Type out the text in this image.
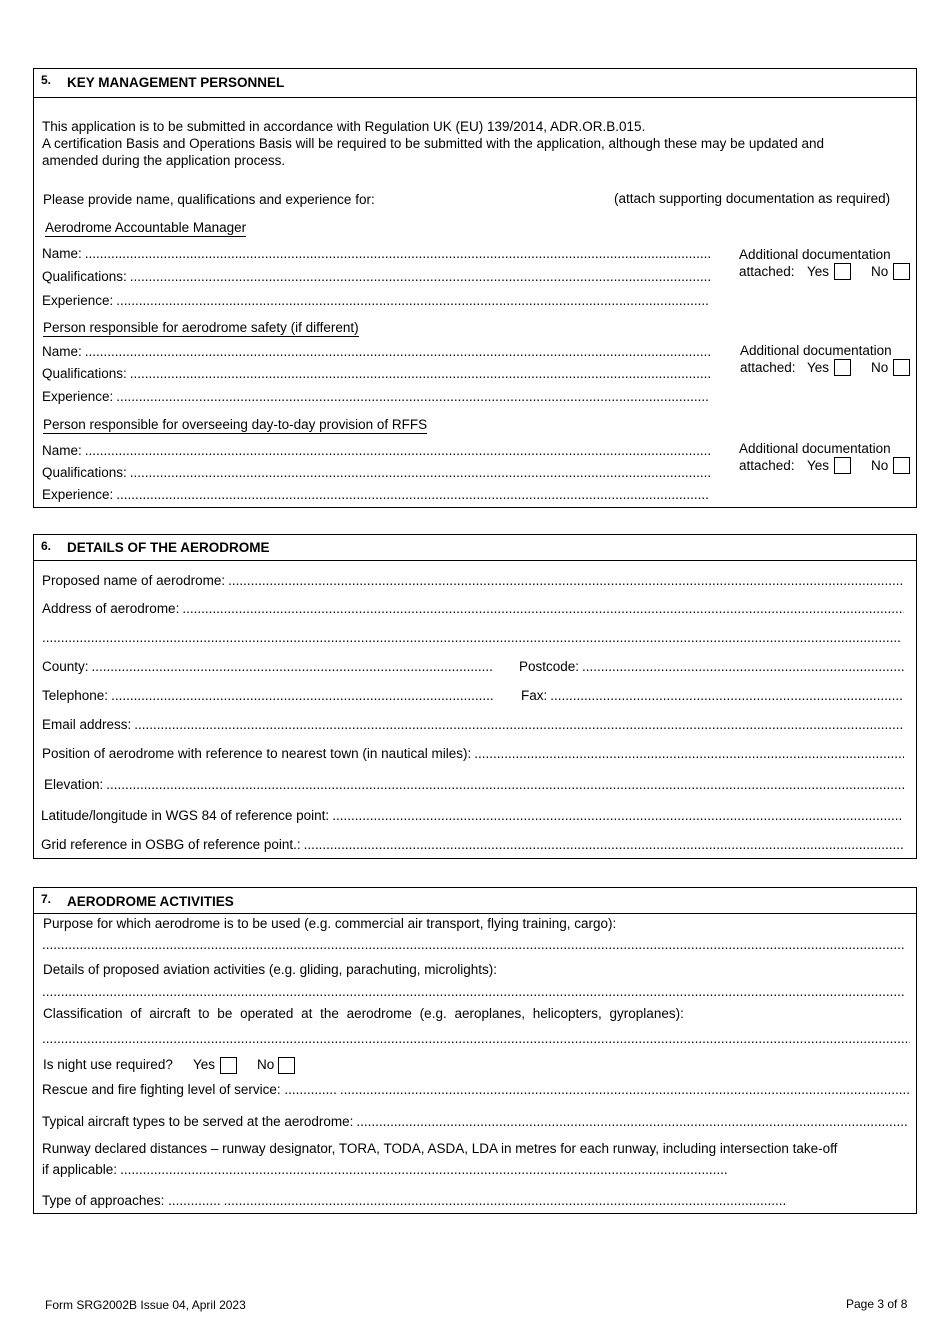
5. KEY MANAGEMENT PERSONNEL
This application is to be submitted in accordance with Regulation UK (EU) 139/2014, ADR.OR.B.015.
A certification Basis and Operations Basis will be required to be submitted with the application, although these may be updated and
amended during the application process.
Please provide name, qualifications and experience for:	(attach supporting documentation as required)
Aerodrome Accountable Manager
Name: .....
Qualifications: .....
Experience: .....
Additional documentation
attached: Yes	No
Person responsible for aerodrome safety (if different)
Name: .....
Qualifications: .....
Experience: .....
Additional documentation
attached: Yes	No
Person responsible for overseeing day-to-day provision of RFFS
Name: .....
Qualifications: .....
Experience: .....
Additional documentation
attached: Yes	No
6. DETAILS OF THE AERODROME
Proposed name of aerodrome: .....
Address of aerodrome: .....
.....
County: .....	Postcode: .....
Telephone: .....	Fax: .....
Email address: .....
Position of aerodrome with reference to nearest town (in nautical miles): .....
Elevation: .....
Latitude/longitude in WGS 84 of reference point: .....
Grid reference in OSBG of reference point.: .....
7. AERODROME ACTIVITIES
Purpose for which aerodrome is to be used (e.g. commercial air transport, flying training, cargo):
.....
Details of proposed aviation activities (e.g. gliding, parachuting, microlights):
.....
Classification of aircraft to be operated at the aerodrome (e.g. aeroplanes, helicopters, gyroplanes):
.....
Is night use required? Yes	No
Rescue and fire fighting level of service: .............. .....
Typical aircraft types to be served at the aerodrome: .....
Runway declared distances – runway designator, TORA, TODA, ASDA, LDA in metres for each runway, including intersection take-off
if applicable: .....
Type of approaches: .............. .....
Form SRG2002B Issue 04, April 2023	Page 3 of 8
